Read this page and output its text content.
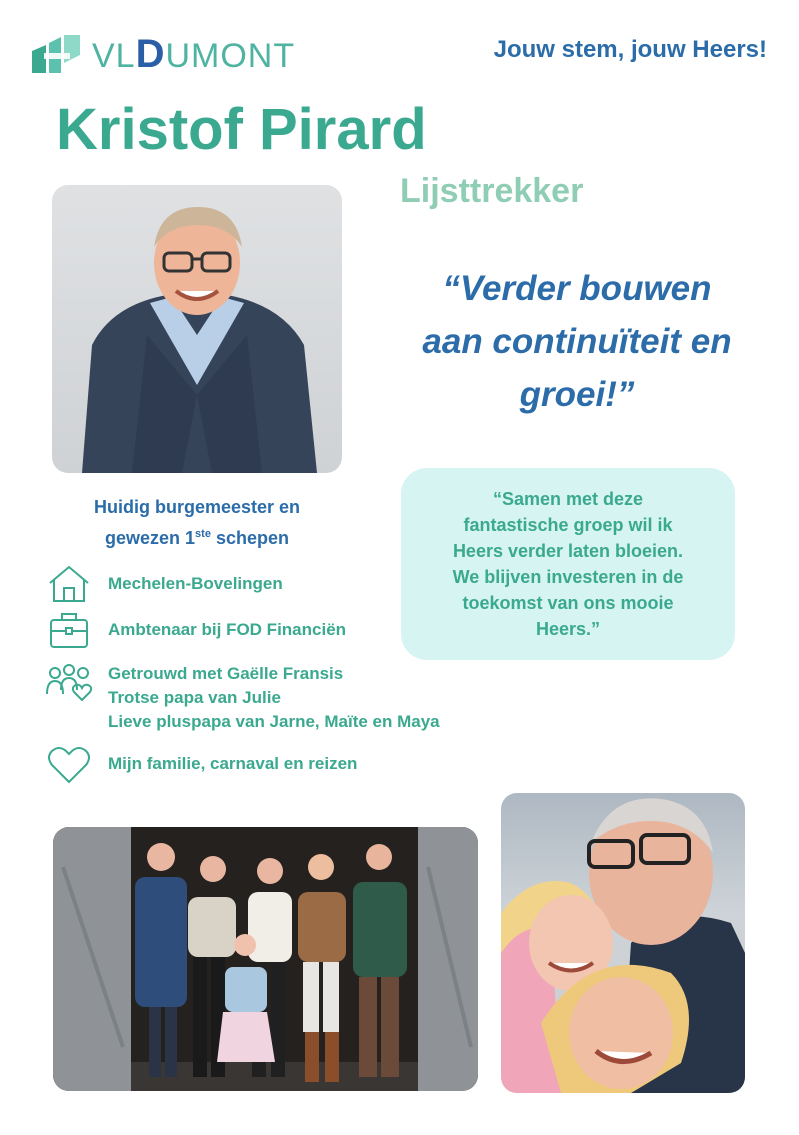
VLDUMONT	Jouw stem, jouw Heers!
Kristof Pirard
Lijsttrekker
“Verder bouwen
aan continuïteit en
groei!”
Huidig burgemeester en
gewezen 1ste schepen
“Samen met deze
fantastische groep wil ik
Heers verder laten bloeien.
We blijven investeren in de
toekomst van ons mooie
Heers.”
Mechelen-Bovelingen
Ambtenaar bij FOD Financiën
Getrouwd met Gaëlle Fransis
Trotse papa van Julie
Lieve pluspapa van Jarne, Maïte en Maya
Mijn familie, carnaval en reizen
